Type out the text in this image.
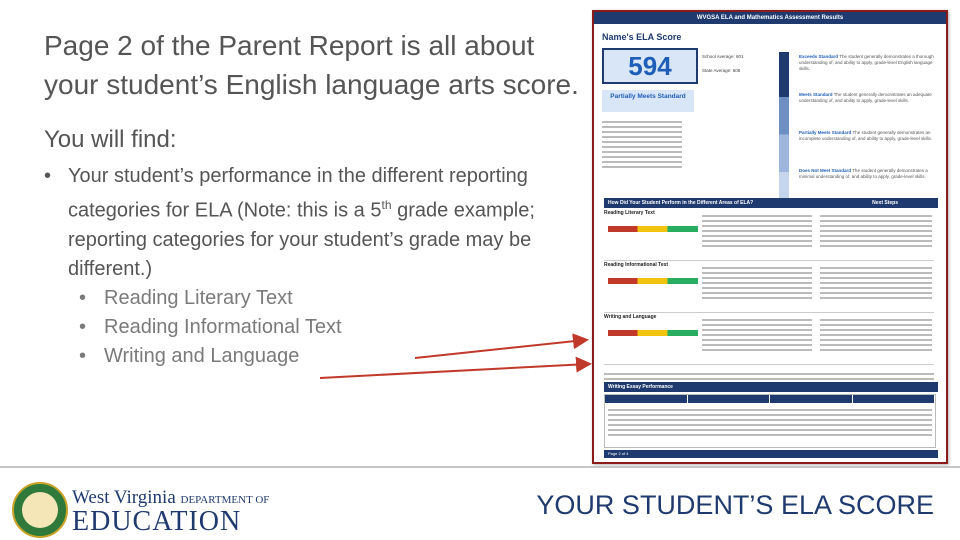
Page 2 of the Parent Report is all about your student’s English language arts score.

You will find:
• Your student’s performance in the different reporting categories for ELA (Note: this is a 5th grade example; reporting categories for your student’s grade may be different.)
• Reading Literary Text
• Reading Informational Text
• Writing and Language
WVGSA ELA and Mathematics Assessment Results
Name's ELA Score
594	School Average: 601
State Average: 608
Partially Meets Standard
Exceeds Standard The student generally demonstrates a thorough understanding of, and ability to apply, grade-level English language skills.
Meets Standard The student generally demonstrates an adequate understanding of, and ability to apply, grade-level skills.
Partially Meets Standard The student generally demonstrates an incomplete understanding of, and ability to apply, grade-level skills.
Does Not Meet Standard The student generally demonstrates a minimal understanding of, and ability to apply, grade-level skills.
How Did Your Student Perform in the Different Areas of ELA?	Next Steps
Reading Literary Text
Reading Informational Text
Writing and Language
Writing Essay Performance
Page 2 of 4
West Virginia DEPARTMENT OF
EDUCATION
YOUR STUDENT’S ELA SCORE
